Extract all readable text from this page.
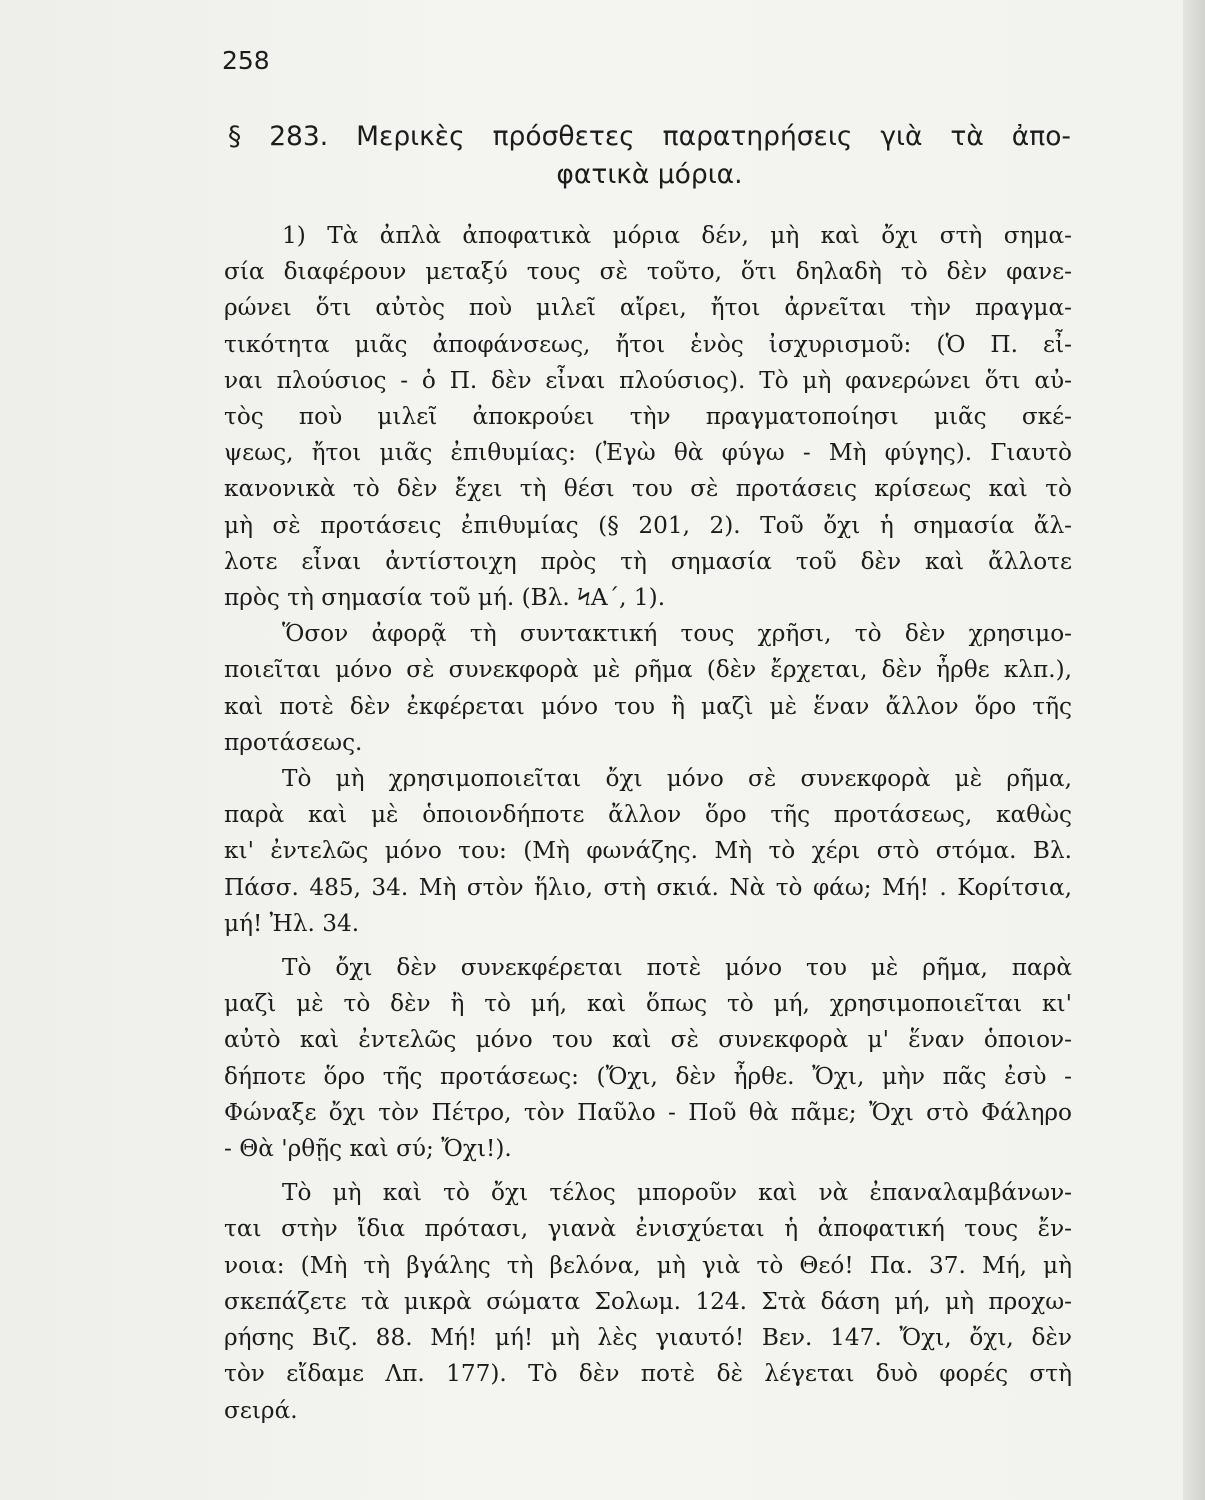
258
§ 283. Μερικὲς πρόσθετες παρατηρήσεις γιὰ τὰ ἀπο-
φατικὰ μόρια.
1) Τὰ ἀπλὰ ἀποφατικὰ μόρια δέν, μὴ καὶ ὄχι στὴ σημα-
σία διαφέρουν μεταξύ τους σὲ τοῦτο, ὅτι δηλαδὴ τὸ δὲν φανε-
ρώνει ὅτι αὐτὸς ποὺ μιλεῖ αἴρει, ἤτοι ἀρνεῖται τὴν πραγμα-
τικότητα μιᾶς ἀποφάνσεως, ἤτοι ἑνὸς ἰσχυρισμοῦ: (Ὁ Π. εἶ-
ναι πλούσιος - ὁ Π. δὲν εἶναι πλούσιος). Τὸ μὴ φανερώνει ὅτι αὐ-
τὸς ποὺ μιλεῖ ἀποκρούει τὴν πραγματοποίησι μιᾶς σκέ-
ψεως, ἤτοι μιᾶς ἐπιθυμίας: (Ἐγὼ θὰ φύγω - Μὴ φύγης). Γιαυτὸ
κανονικὰ τὸ δὲν ἔχει τὴ θέσι του σὲ προτάσεις κρίσεως καὶ τὸ
μὴ σὲ προτάσεις ἐπιθυμίας (§ 201, 2). Τοῦ ὄχι ἡ σημασία ἄλ-
λοτε εἶναι ἀντίστοιχη πρὸς τὴ σημασία τοῦ δὲν καὶ ἄλλοτε
πρὸς τὴ σημασία τοῦ μή. (Βλ. ϞΑ΄, 1).
Ὅσον ἀφορᾷ τὴ συντακτική τους χρῆσι, τὸ δὲν χρησιμο-
ποιεῖται μόνο σὲ συνεκφορὰ μὲ ρῆμα (δὲν ἔρχεται, δὲν ἦρθε κλπ.),
καὶ ποτὲ δὲν ἐκφέρεται μόνο του ἢ μαζὶ μὲ ἕναν ἄλλον ὅρο τῆς
προτάσεως.
Τὸ μὴ χρησιμοποιεῖται ὄχι μόνο σὲ συνεκφορὰ μὲ ρῆμα,
παρὰ καὶ μὲ ὁποιονδήποτε ἄλλον ὅρο τῆς προτάσεως, καθὼς
κι' ἐντελῶς μόνο του: (Μὴ φωνάζης. Μὴ τὸ χέρι στὸ στόμα. Βλ.
Πάσσ. 485, 34. Μὴ στὸν ἥλιο, στὴ σκιά. Νὰ τὸ φάω; Μή! . Κορίτσια,
μή! Ἠλ. 34.
Τὸ ὄχι δὲν συνεκφέρεται ποτὲ μόνο του μὲ ρῆμα, παρὰ
μαζὶ μὲ τὸ δὲν ἢ τὸ μή, καὶ ὅπως τὸ μή, χρησιμοποιεῖται κι'
αὐτὸ καὶ ἐντελῶς μόνο του καὶ σὲ συνεκφορὰ μ' ἕναν ὁποιον-
δήποτε ὅρο τῆς προτάσεως: (Ὄχι, δὲν ἦρθε. Ὄχι, μὴν πᾶς ἐσὺ -
Φώναξε ὄχι τὸν Πέτρο, τὸν Παῦλο - Ποῦ θὰ πᾶμε; Ὄχι στὸ Φάληρο
- Θὰ 'ρθῇς καὶ σύ; Ὄχι!).
Τὸ μὴ καὶ τὸ ὄχι τέλος μποροῦν καὶ νὰ ἐπαναλαμβάνων-
ται στὴν ἴδια πρότασι, γιανὰ ἐνισχύεται ἡ ἀποφατική τους ἔν-
νοια: (Μὴ τὴ βγάλης τὴ βελόνα, μὴ γιὰ τὸ Θεό! Πα. 37. Μή, μὴ
σκεπάζετε τὰ μικρὰ σώματα Σολωμ. 124. Στὰ δάση μή, μὴ προχω-
ρήσης Βιζ. 88. Μή! μή! μὴ λὲς γιαυτό! Βεν. 147. Ὄχι, ὄχι, δὲν
τὸν εἴδαμε Λπ. 177). Τὸ δὲν ποτὲ δὲ λέγεται δυὸ φορές στὴ
σειρά.
